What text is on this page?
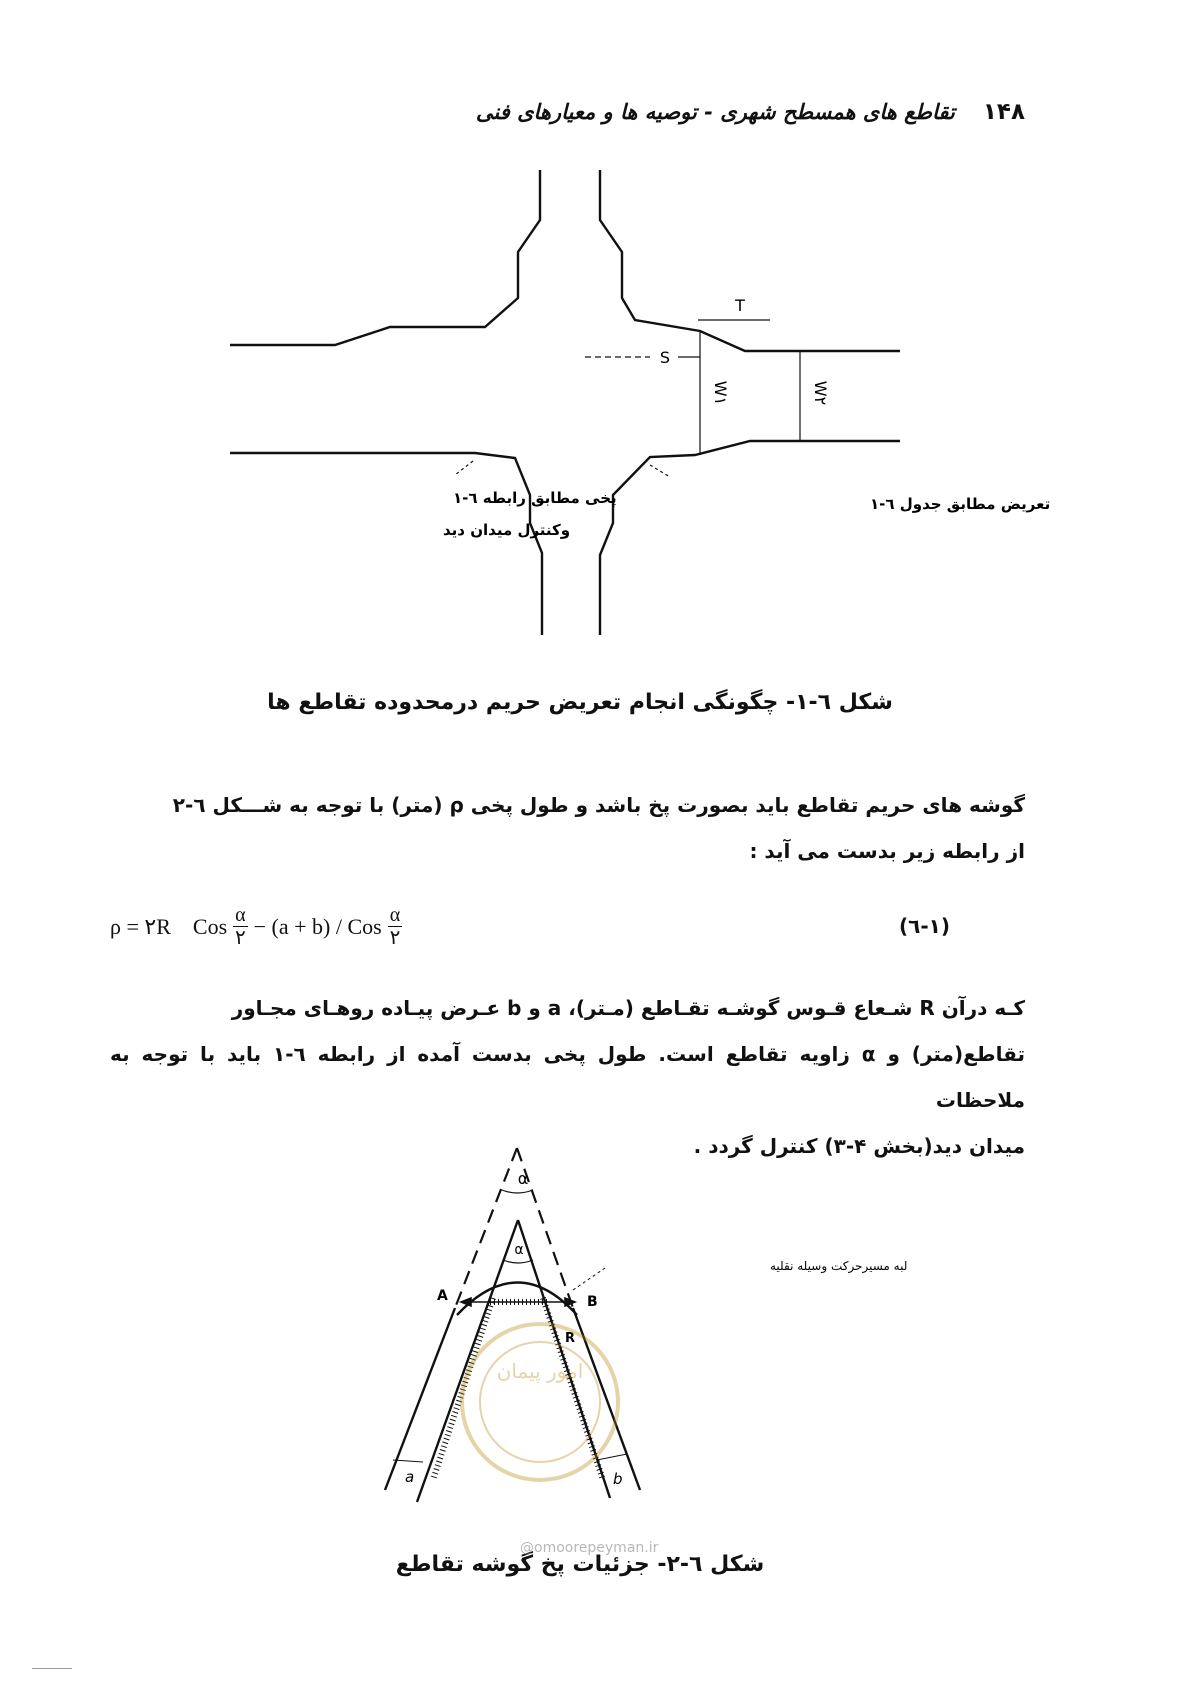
۱۴۸
تقاطع های همسطح شهری - توصیه ها و معیارهای فنی
T
S
W۱	W۲
پخی مطابق رابطه ٦-١
وکنترل میدان دید
تعریض مطابق جدول ٦-١
شکل ٦-١- چگونگی انجام تعریض حریم درمحدوده تقاطع ها

گوشه های حریم تقاطع باید بصورت پخ باشد و طول پخی ρ (متر) با توجه به شـــکل ٦-٢

از رابطه زیر بدست می آید :

ρ = ۲R Cos $\frac{\alpha}{۲} - (a + b)$ / Cos $\frac{\alpha}{۲}$	(١-٦)

کـه درآن R شـعاع قـوس گوشـه تقـاطع (مـتر)، a و b عـرض پیـاده روهـای مجـاور

تقاطع(متر) و α زاویه تقاطع است. طول پخی بدست آمده از رابطه ٦-١ باید با توجه به ملاحظات

میدان دید(بخش ۴-۳) کنترل گردد .

α
α
A	B
R
a	b
لبه مسیرحرکت وسیله نقلیه
امور پیمان
شکل ٦-٢- جزئیات پخ گوشه تقاطع
@omoorepeyman.ir
